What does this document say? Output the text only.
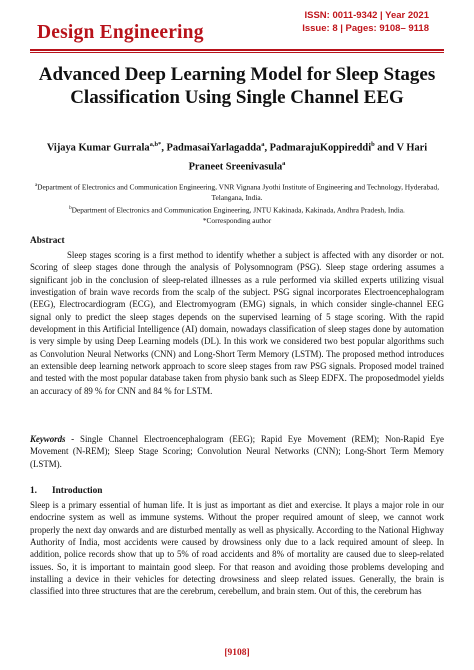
Design Engineering
ISSN: 0011-9342 | Year 2021
Issue: 8 | Pages: 9108– 9118
Advanced Deep Learning Model for Sleep Stages Classification Using Single Channel EEG
Vijaya Kumar Gurrala$^{a,b*}$, PadmasaiYarlagadda$^a$, PadmarajuKoppireddi$^b$ and V Hari Praneet Sreenivasula$^a$
$^a$Department of Electronics and Communication Engineering, VNR Vignana Jyothi Institute of Engineering and Technology, Hyderabad, Telangana, India.
$^b$Department of Electronics and Communication Engineering, JNTU Kakinada, Kakinada, Andhra Pradesh, India.
*Corresponding author
Abstract
Sleep stages scoring is a first method to identify whether a subject is affected with any disorder or not. Scoring of sleep stages done through the analysis of Polysomnogram (PSG). Sleep stage ordering assumes a significant job in the conclusion of sleep-related illnesses as a rule performed via skilled experts utilizing visual investigation of brain wave records from the scalp of the subject. PSG signal incorporates Electroencephalogram (EEG), Electrocardiogram (ECG), and Electromyogram (EMG) signals, in which consider single-channel EEG signal only to predict the sleep stages depends on the supervised learning of 5 stage scoring. With the rapid development in this Artificial Intelligence (AI) domain, nowadays classification of sleep stages done by automation is very simple by using Deep Learning models (DL). In this work we considered two best popular algorithms such as Convolution Neural Networks (CNN) and Long-Short Term Memory (LSTM). The proposed method introduces an extensible deep learning network approach to score sleep stages from raw PSG signals. Proposed model trained and tested with the most popular database taken from physio bank such as Sleep EDFX. The proposedmodel yields an accuracy of 89 % for CNN and 84 % for LSTM.
Keywords - Single Channel Electroencephalogram (EEG); Rapid Eye Movement (REM); Non-Rapid Eye Movement (N-REM); Sleep Stage Scoring; Convolution Neural Networks (CNN); Long-Short Term Memory (LSTM).
1. Introduction
Sleep is a primary essential of human life. It is just as important as diet and exercise. It plays a major role in our endocrine system as well as immune systems. Without the proper required amount of sleep, we cannot work properly the next day onwards and are disturbed mentally as well as physically. According to the National Highway Authority of India, most accidents were caused by drowsiness only due to a lack required amount of sleep. In addition, police records show that up to 5% of road accidents and 8% of mortality are caused due to sleep-related issues. So, it is important to maintain good sleep. For that reason and avoiding those problems developing and installing a device in their vehicles for detecting drowsiness and sleep related issues. Generally, the brain is classified into three structures that are the cerebrum, cerebellum, and brain stem. Out of this, the cerebrum has
[9108]
